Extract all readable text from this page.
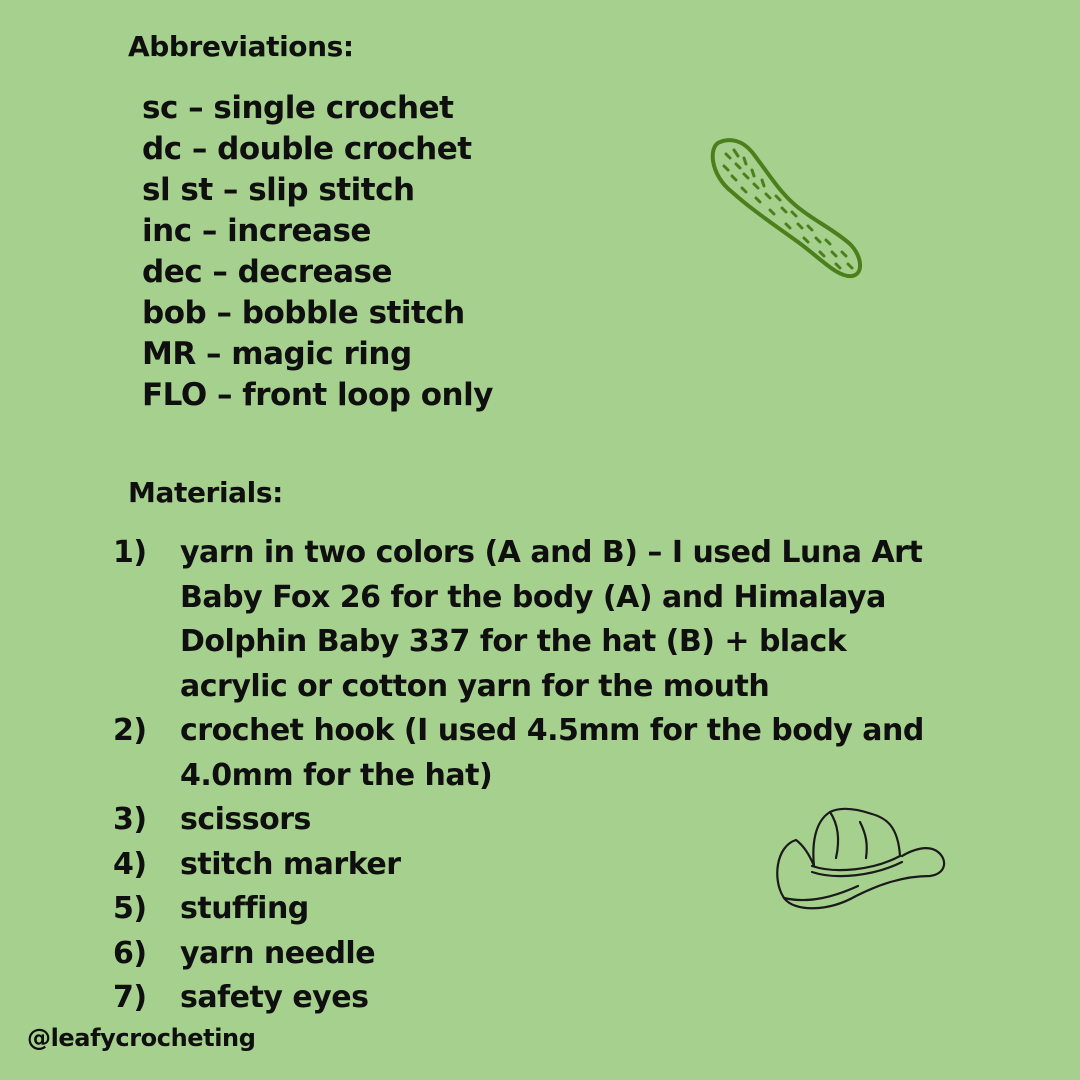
Abbreviations:
sc – single crochet
dc – double crochet
sl st – slip stitch
inc – increase
dec – decrease
bob – bobble stitch
MR – magic ring
FLO – front loop only
Materials:
1)	yarn in two colors (A and B) – I used Luna Art Baby Fox 26 for the body (A) and Himalaya Dolphin Baby 337 for the hat (B) + black acrylic or cotton yarn for the mouth
2)	crochet hook (I used 4.5mm for the body and 4.0mm for the hat)
3)	scissors
4)	stitch marker
5)	stuffing
6)	yarn needle
7)	safety eyes
@leafycrocheting
